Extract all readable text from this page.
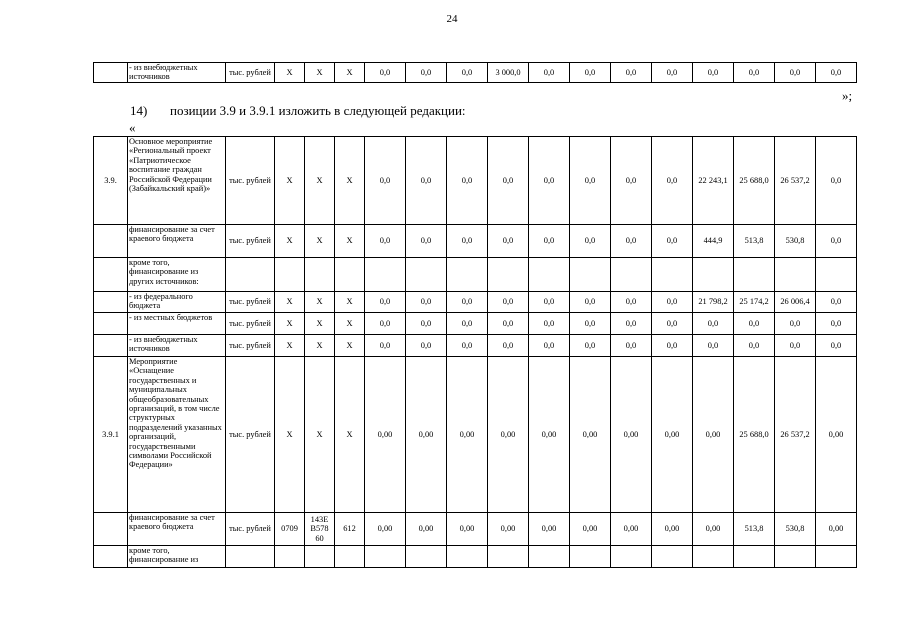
24
	- из внебюджетных источников	тыс. рублей	X	X	X	0,0	0,0	0,0	3 000,0	0,0	0,0	0,0	0,0	0,0	0,0	0,0	0,0
»;
14) позиции 3.9 и 3.9.1 изложить в следующей редакции:
«
3.9.	Основное мероприятие «Региональный проект «Патриотическое воспитание граждан Российской Федерации (Забайкальский край)»	тыс. рублей	X	X	X	0,0	0,0	0,0	0,0	0,0	0,0	0,0	0,0	22 243,1	25 688,0	26 537,2	0,0
	финансирование за счет краевого бюджета	тыс. рублей	X	X	X	0,0	0,0	0,0	0,0	0,0	0,0	0,0	0,0	444,9	513,8	530,8	0,0
	кроме того, финансирование из других источников:																
	- из федерального бюджета	тыс. рублей	X	X	X	0,0	0,0	0,0	0,0	0,0	0,0	0,0	0,0	21 798,2	25 174,2	26 006,4	0,0
	- из местных бюджетов	тыс. рублей	X	X	X	0,0	0,0	0,0	0,0	0,0	0,0	0,0	0,0	0,0	0,0	0,0	0,0
	- из внебюджетных источников	тыс. рублей	X	X	X	0,0	0,0	0,0	0,0	0,0	0,0	0,0	0,0	0,0	0,0	0,0	0,0
3.9.1	Мероприятие «Оснащение государственных и муниципальных общеобразовательных организаций, в том числе структурных подразделений указанных организаций, государственными символами Российской Федерации»	тыс. рублей	X	X	X	0,00	0,00	0,00	0,00	0,00	0,00	0,00	0,00	0,00	25 688,0	26 537,2	0,00
	финансирование за счет краевого бюджета	тыс. рублей	0709	143E B578 60	612	0,00	0,00	0,00	0,00	0,00	0,00	0,00	0,00	0,00	513,8	530,8	0,00
	кроме того, финансирование из																
